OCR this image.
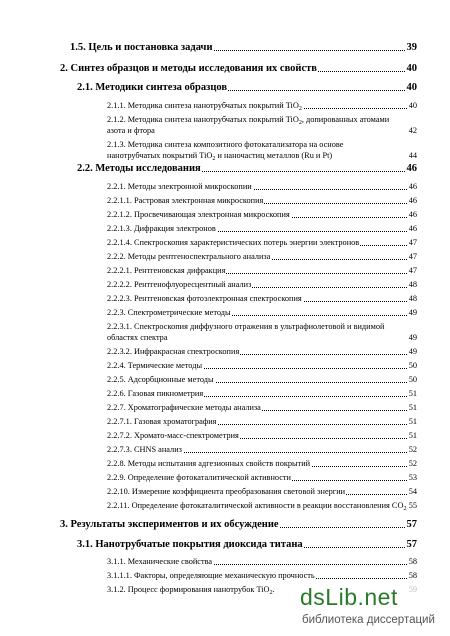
1.5. Цель и постановка задачи	39
2. Синтез образцов и методы исследования их свойств	40
2.1. Методики синтеза образцов	40
2.1.1. Методика синтеза нанотрубчатых покрытий TiO$_2$	40
2.1.2. Методика синтеза нанотрубчатых покрытий TiO$_2$, допированных атомами азота и фтора	42
2.1.3. Методика синтеза композитного фотокатализатора на основе нанотрубчатых покрытий TiO$_2$ и наночастиц металлов (Ru и Pt)	44
2.2. Методы исследования	46
2.2.1. Методы электронной микроскопии	46
2.2.1.1. Растровая электронная микроскопия	46
2.2.1.2. Просвечивающая электронная микроскопия	46
2.2.1.3. Дифракция электронов	46
2.2.1.4. Спектроскопия характеристических потерь энергии электронов	47
2.2.2. Методы рентгеноспектрального анализа	47
2.2.2.1. Рентгеновская дифракция	47
2.2.2.2. Рентгенофлуоресцентный анализ	48
2.2.2.3. Рентгеновская фотоэлектронная спектроскопия	48
2.2.3. Спектрометрические методы	49
2.2.3.1. Спектроскопия диффузного отражения в ультрафиолетовой и видимой областях спектра	49
2.2.3.2. Инфракрасная спектроскопия	49
2.2.4. Термические методы	50
2.2.5. Адсорбционные методы	50
2.2.6. Газовая пикнометрия	51
2.2.7. Хроматографические методы анализа	51
2.2.7.1. Газовая хроматография	51
2.2.7.2. Хромато-масс-спектрометрия	51
2.2.7.3. CHNS анализ	52
2.2.8. Методы испытания адгезионных свойств покрытий	52
2.2.9. Определение фотокаталитической активности	53
2.2.10. Измерение коэффициента преобразования световой энергии	54
2.2.11. Определение фотокаталитической активности в реакции восстановления $CO_2$ 55
3. Результаты экспериментов и их обсуждение	57
3.1. Нанотрубчатые покрытия диоксида титана	57
3.1.1. Механические свойства	58
3.1.1.1. Факторы, определяющие механическую прочность	58
3.1.2. Процесс формирования нанотрубок TiO$_2$.	59
dsLib.net
библиотека диссертаций
